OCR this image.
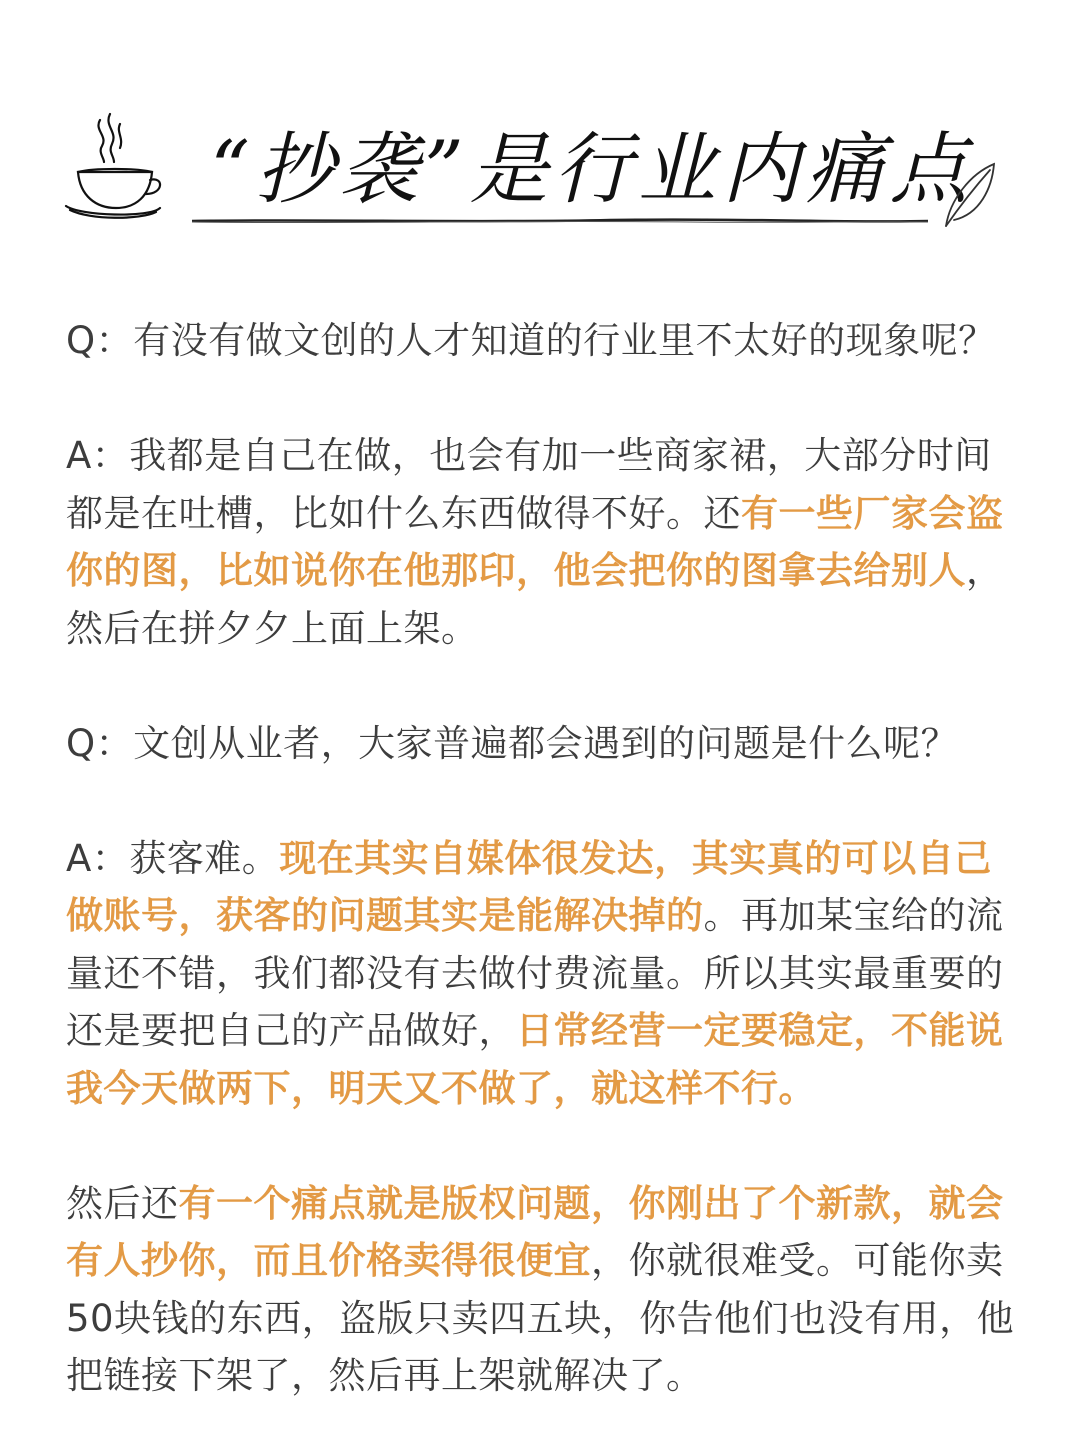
“抄袭”是行业内痛点

Q：有没有做文创的人才知道的行业里不太好的现象呢？

A：我都是自己在做，也会有加一些商家裙，大部分时间都是在吐槽，比如什么东西做得不好。还有一些厂家会盗你的图，比如说你在他那印，他会把你的图拿去给别人，然后在拼夕夕上面上架。

Q：文创从业者，大家普遍都会遇到的问题是什么呢？

A：获客难。现在其实自媒体很发达，其实真的可以自己做账号，获客的问题其实是能解决掉的。再加某宝给的流量还不错，我们都没有去做付费流量。所以其实最重要的还是要把自己的产品做好，日常经营一定要稳定，不能说我今天做两下，明天又不做了，就这样不行。

然后还有一个痛点就是版权问题，你刚出了个新款，就会有人抄你，而且价格卖得很便宜，你就很难受。可能你卖50块钱的东西，盗版只卖四五块，你告他们也没有用，他把链接下架了，然后再上架就解决了。
